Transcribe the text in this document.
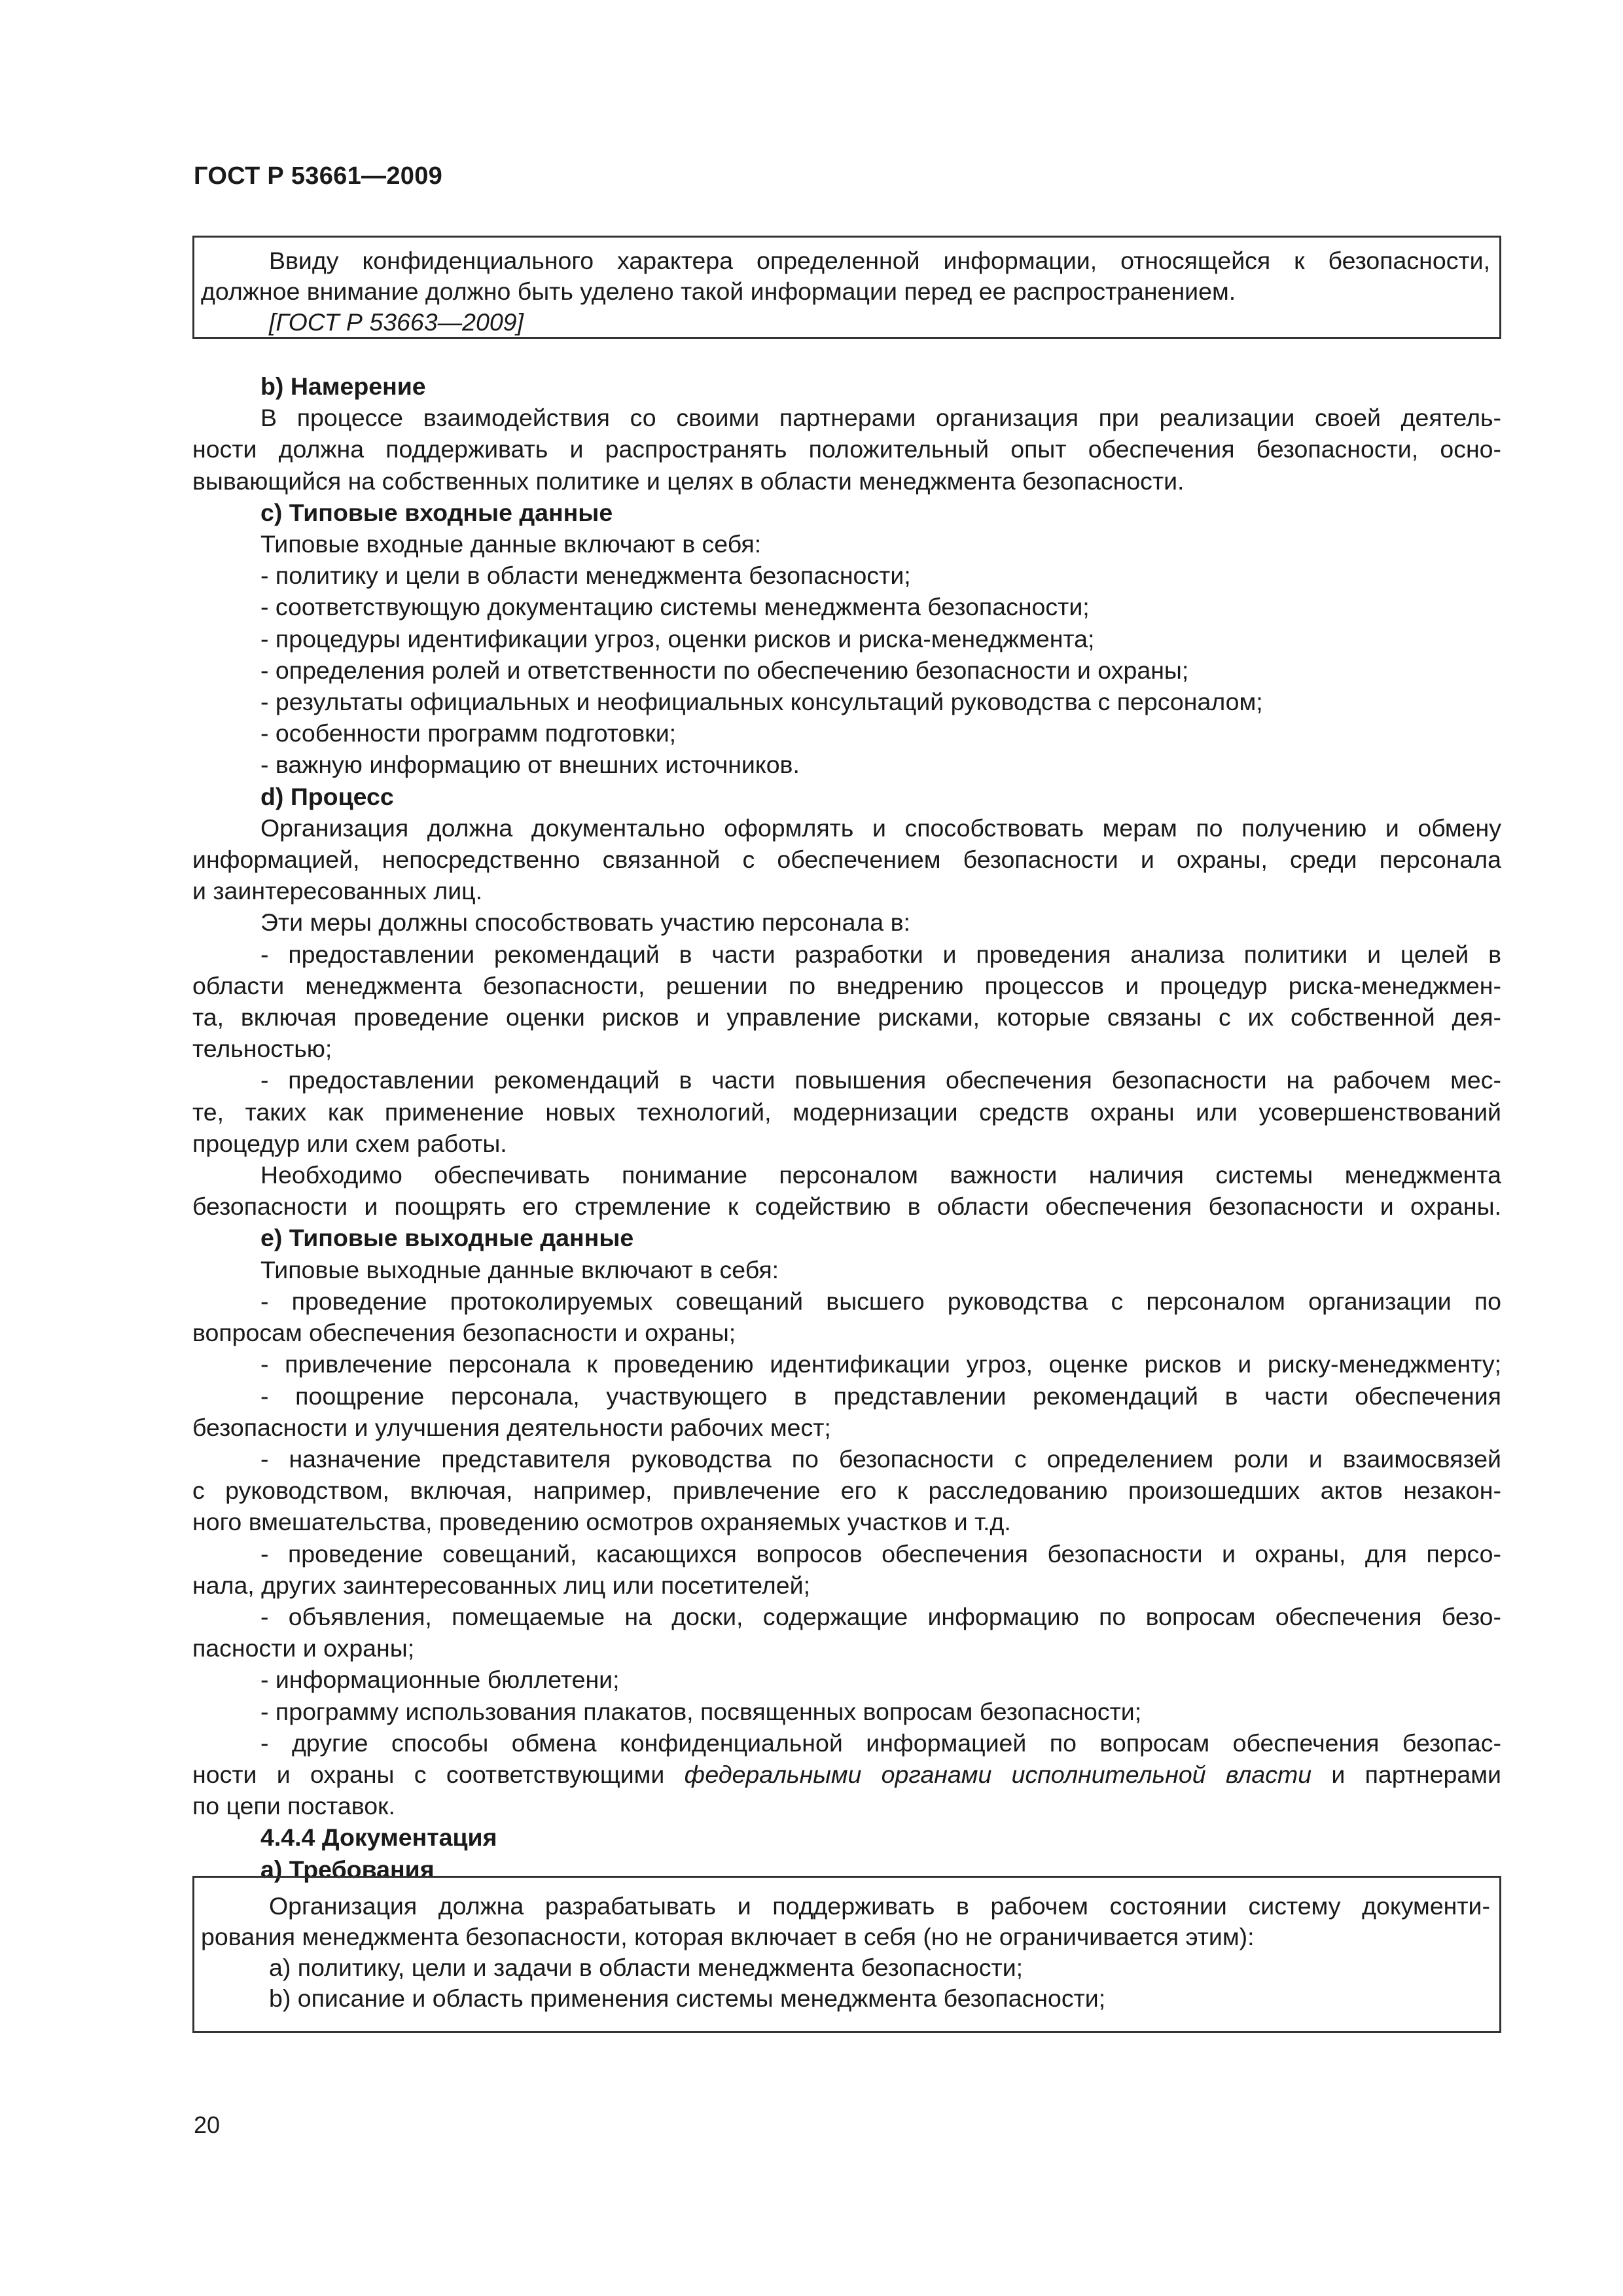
ГОСТ Р 53661—2009

Ввиду конфиденциального характера определенной информации, относящейся к безопасности,

должное внимание должно быть уделено такой информации перед ее распространением.

[ГОСТ Р 53663—2009]

b) Намерение

В процессе взаимодействия со своими партнерами организация при реализации своей деятель-

ности должна поддерживать и распространять положительный опыт обеспечения безопасности, осно-

вывающийся на собственных политике и целях в области менеджмента безопасности.

c) Типовые входные данные

Типовые входные данные включают в себя:

- политику и цели в области менеджмента безопасности;

- соответствующую документацию системы менеджмента безопасности;

- процедуры идентификации угроз, оценки рисков и риска-менеджмента;

- определения ролей и ответственности по обеспечению безопасности и охраны;

- результаты официальных и неофициальных консультаций руководства с персоналом;

- особенности программ подготовки;

- важную информацию от внешних источников.

d) Процесс

Организация должна документально оформлять и способствовать мерам по получению и обмену

информацией, непосредственно связанной с обеспечением безопасности и охраны, среди персонала

и заинтересованных лиц.

Эти меры должны способствовать участию персонала в:

- предоставлении рекомендаций в части разработки и проведения анализа политики и целей в

области менеджмента безопасности, решении по внедрению процессов и процедур риска-менеджмен-

та, включая проведение оценки рисков и управление рисками, которые связаны с их собственной дея-

тельностью;

- предоставлении рекомендаций в части повышения обеспечения безопасности на рабочем мес-

те, таких как применение новых технологий, модернизации средств охраны или усовершенствований

процедур или схем работы.

Необходимо обеспечивать понимание персоналом важности наличия системы менеджмента

безопасности и поощрять его стремление к содействию в области обеспечения безопасности и охраны.

e) Типовые выходные данные

Типовые выходные данные включают в себя:

- проведение протоколируемых совещаний высшего руководства с персоналом организации по

вопросам обеспечения безопасности и охраны;

- привлечение персонала к проведению идентификации угроз, оценке рисков и риску-менеджменту;

- поощрение персонала, участвующего в представлении рекомендаций в части обеспечения

безопасности и улучшения деятельности рабочих мест;

- назначение представителя руководства по безопасности с определением роли и взаимосвязей

с руководством, включая, например, привлечение его к расследованию произошедших актов незакон-

ного вмешательства, проведению осмотров охраняемых участков и т.д.

- проведение совещаний, касающихся вопросов обеспечения безопасности и охраны, для персо-

нала, других заинтересованных лиц или посетителей;

- объявления, помещаемые на доски, содержащие информацию по вопросам обеспечения безо-

пасности и охраны;

- информационные бюллетени;

- программу использования плакатов, посвященных вопросам безопасности;

- другие способы обмена конфиденциальной информацией по вопросам обеспечения безопас-

ности и охраны с соответствующими федеральными органами исполнительной власти и партнерами

по цепи поставок.

4.4.4 Документация

а) Требования

Организация должна разрабатывать и поддерживать в рабочем состоянии систему документи-

рования менеджмента безопасности, которая включает в себя (но не ограничивается этим):

а) политику, цели и задачи в области менеджмента безопасности;

b) описание и область применения системы менеджмента безопасности;

20
